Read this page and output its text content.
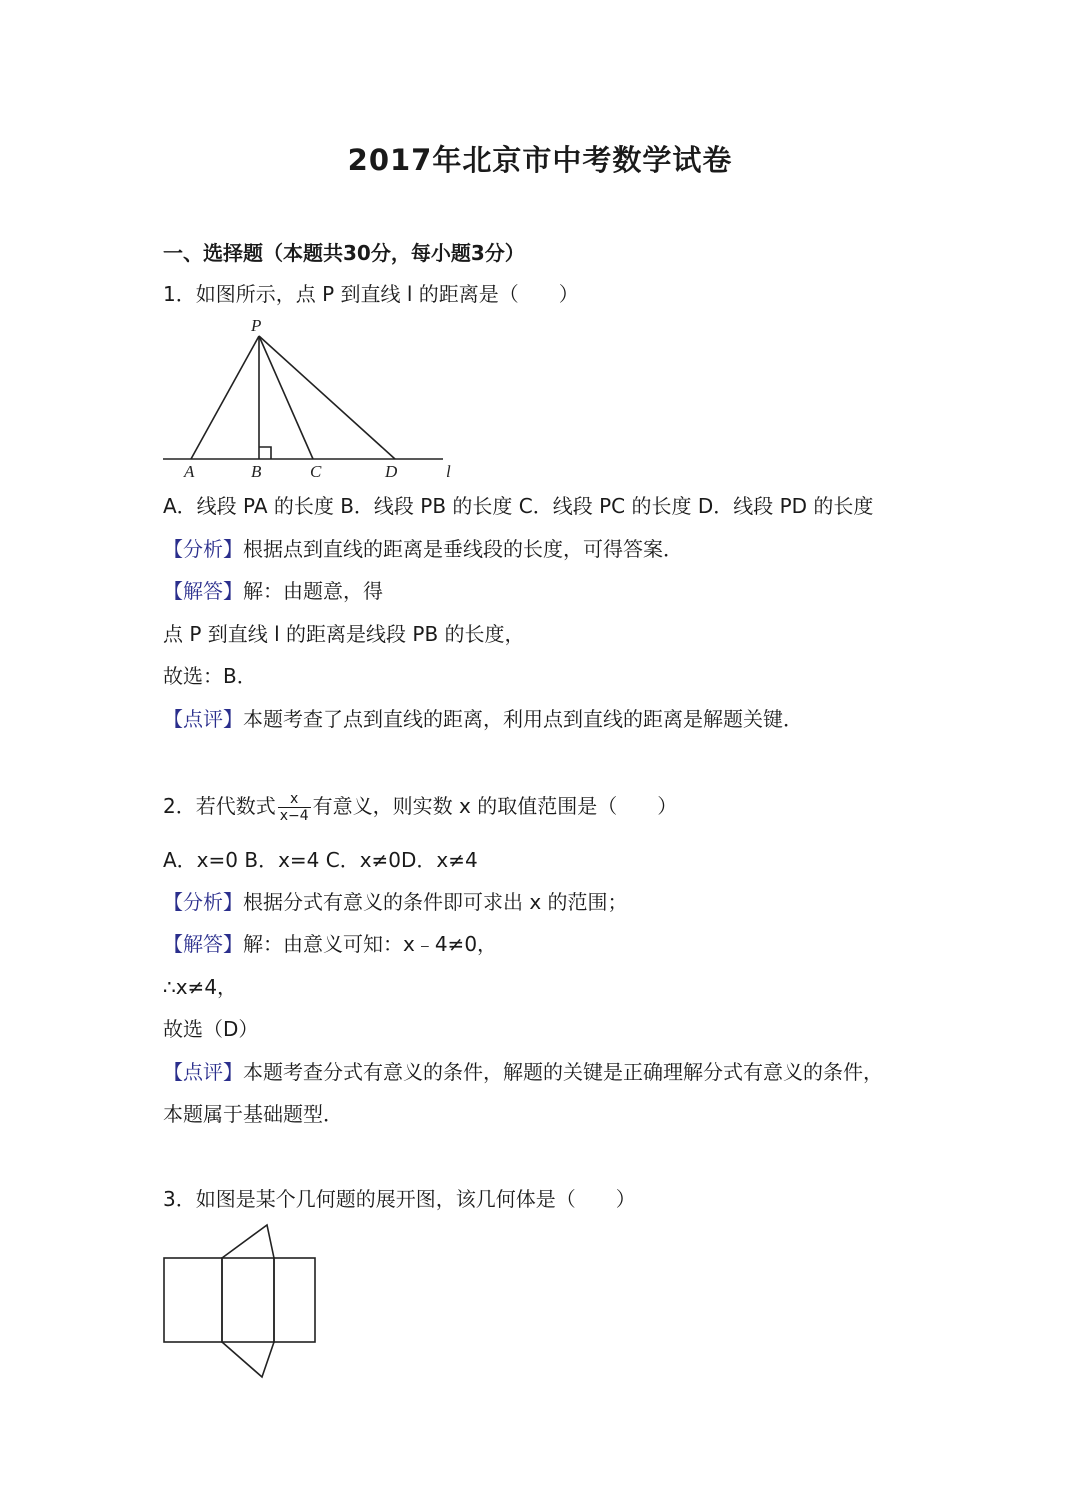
2017年北京市中考数学试卷
一、选择题（本题共30分，每小题3分）
1．如图所示，点 P 到直线 l 的距离是（　　）
P
A	B	C	D	l
A．线段 PA 的长度 B．线段 PB 的长度 C．线段 PC 的长度 D．线段 PD 的长度
【分析】根据点到直线的距离是垂线段的长度，可得答案．
【解答】解：由题意，得
点 P 到直线 l 的距离是线段 PB 的长度，
故选：B．
【点评】本题考查了点到直线的距离，利用点到直线的距离是解题关键．
2．若代数式 $\frac{x}{x-4}$ 有意义，则实数 x 的取值范围是（　　）
A．x=0 B．x=4 C．x≠0D．x≠4
【分析】根据分式有意义的条件即可求出 x 的范围；
【解答】解：由意义可知：x﹣4≠0，
∴x≠4，
故选（D）
【点评】本题考查分式有意义的条件，解题的关键是正确理解分式有意义的条件，
本题属于基础题型．
3．如图是某个几何题的展开图，该几何体是（　　）
